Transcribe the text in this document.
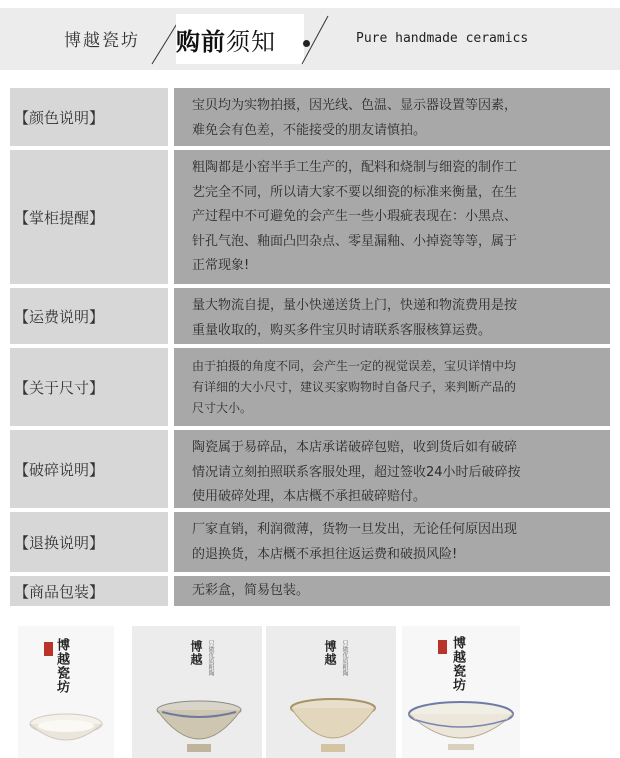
博越瓷坊 购前须知	Pure handmade ceramics
【颜色说明】
宝贝均为实物拍摄，因光线、色温、显示器设置等因素，
难免会有色差，不能接受的朋友请慎拍。
【掌柜提醒】
粗陶都是小窑半手工生产的，配料和烧制与细瓷的制作工
艺完全不同，所以请大家不要以细瓷的标准来衡量，在生
产过程中不可避免的会产生一些小瑕疵表现在：小黑点、
针孔气泡、釉面凸凹杂点、零星漏釉、小掉瓷等等，属于
正常现象!
【运费说明】
量大物流自提，量小快递送货上门，快递和物流费用是按
重量收取的，购买多件宝贝时请联系客服核算运费。
【关于尺寸】
由于拍摄的角度不同，会产生一定的视觉误差，宝贝详情中均
有详细的大小尺寸，建议买家购物时自备尺子，来判断产品的
尺寸大小。
【破碎说明】
陶瓷属于易碎品，本店承诺破碎包赔，收到货后如有破碎
情况请立刻拍照联系客服处理，超过签收24小时后破碎按
使用破碎处理，本店概不承担破碎赔付。
【退换说明】
厂家直销，利润微薄，货物一旦发出，无论任何原因出现
的退换货，本店概不承担往返运费和破损风险!
【商品包装】	无彩盒，简易包装。
博越瓷坊	博越 只做优质粗陶	博越 只做优质粗陶	博越瓷坊
